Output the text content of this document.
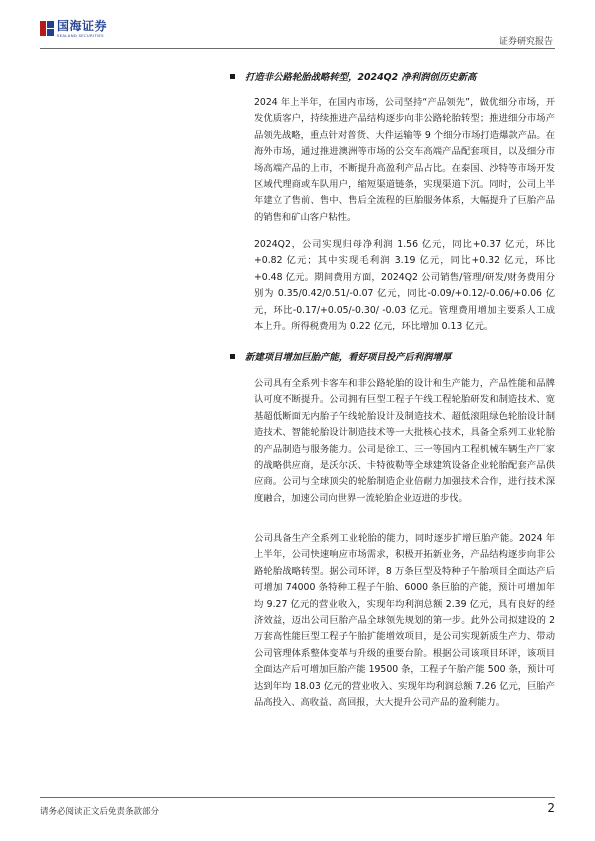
国海证券
SEALAND SECURITIES
证券研究报告
打造非公路轮胎战略转型，2024Q2 净利润创历史新高

2024 年上半年，在国内市场，公司坚持“产品领先”，做优细分市场，开发优质客户，持续推进产品结构逐步向非公路轮胎转型；推进细分市场产品领先战略，重点针对普货、大件运输等 9 个细分市场打造爆款产品。在海外市场，通过推进澳洲等市场的公交车高端产品配套项目，以及细分市场高端产品的上市，不断提升高盈利产品占比。在泰国、沙特等市场开发区域代理商或车队用户，缩短渠道链条，实现渠道下沉。同时，公司上半年建立了售前、售中、售后全流程的巨胎服务体系，大幅提升了巨胎产品的销售和矿山客户粘性。

2024Q2，公司实现归母净利润 1.56 亿元，同比+0.37 亿元，环比+0.82 亿元；其中实现毛利润 3.19 亿元，同比+0.32 亿元，环比+0.48 亿元。期间费用方面，2024Q2 公司销售/管理/研发/财务费用分别为 0.35/0.42/0.51/-0.07 亿元，同比-0.09/+0.12/-0.06/+0.06 亿元，环比-0.17/+0.05/-0.30/ -0.03 亿元。管理费用增加主要系人工成本上升。所得税费用为 0.22 亿元，环比增加 0.13 亿元。

新建项目增加巨胎产能，看好项目投产后利润增厚

公司具有全系列卡客车和非公路轮胎的设计和生产能力，产品性能和品牌认可度不断提升。公司拥有巨型工程子午线工程轮胎研发和制造技术、宽基超低断面无内胎子午线轮胎设计及制造技术、超低滚阻绿色轮胎设计制造技术、智能轮胎设计制造技术等一大批核心技术，具备全系列工业轮胎的产品制造与服务能力。公司是徐工、三一等国内工程机械车辆生产厂家的战略供应商，是沃尔沃、卡特彼勒等全球建筑设备企业轮胎配套产品供应商。公司与全球顶尖的轮胎制造企业倍耐力加强技术合作，进行技术深度融合，加速公司向世界一流轮胎企业迈进的步伐。

公司具备生产全系列工业轮胎的能力，同时逐步扩增巨胎产能。2024 年上半年，公司快速响应市场需求，积极开拓新业务，产品结构逐步向非公路轮胎战略转型。据公司环评，8 万条巨型及特种子午胎项目全面达产后可增加 74000 条特种工程子午胎、6000 条巨胎的产能，预计可增加年均 9.27 亿元的营业收入，实现年均利润总额 2.39 亿元，具有良好的经济效益，迈出公司巨胎产品全球领先规划的第一步。此外公司拟建设的 2 万套高性能巨型工程子午胎扩能增效项目，是公司实现新质生产力、带动公司管理体系整体变革与升级的重要台阶。根据公司该项目环评，该项目全面达产后可增加巨胎产能 19500 条，工程子午胎产能 500 条，预计可达到年均 18.03 亿元的营业收入、实现年均利润总额 7.26 亿元，巨胎产品高投入、高收益、高回报，大大提升公司产品的盈利能力。

请务必阅读正文后免责条款部分	2
